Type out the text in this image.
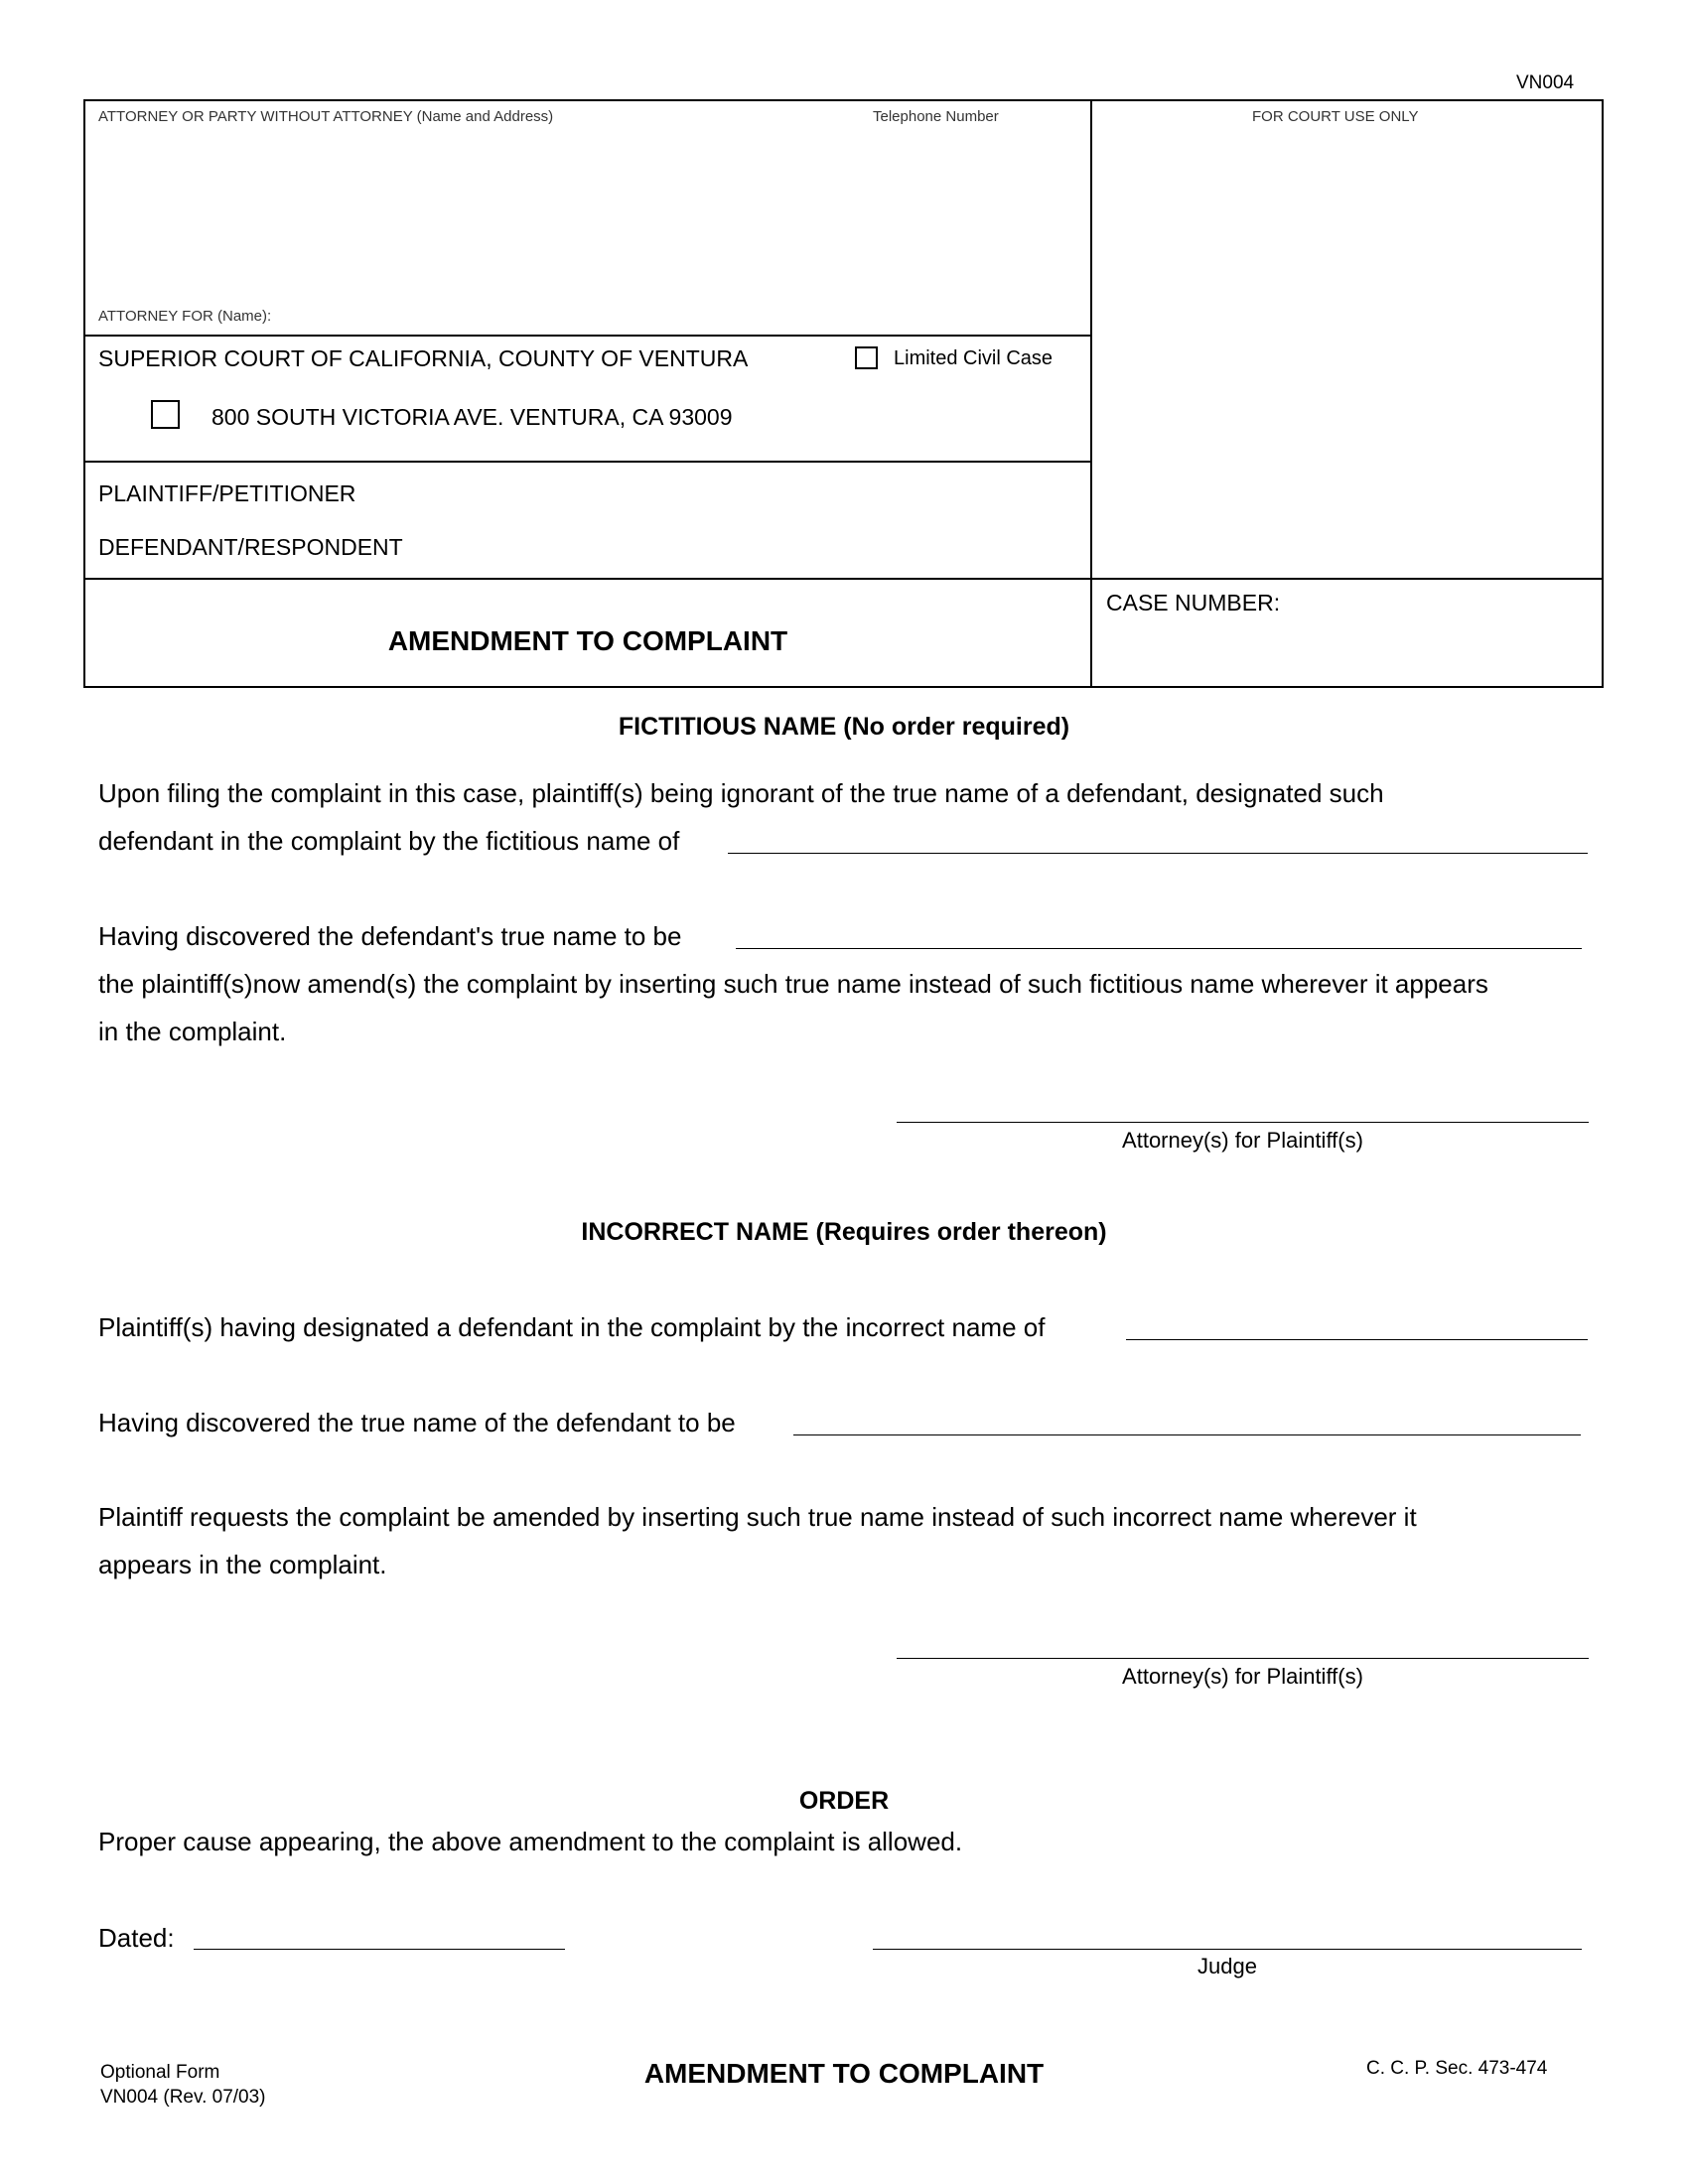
VN004
ATTORNEY OR PARTY WITHOUT ATTORNEY (Name and Address)	Telephone Number	FOR COURT USE ONLY
ATTORNEY FOR (Name):
SUPERIOR COURT OF CALIFORNIA, COUNTY OF VENTURA	Limited Civil Case
800 SOUTH VICTORIA AVE. VENTURA, CA 93009
PLAINTIFF/PETITIONER
DEFENDANT/RESPONDENT
AMENDMENT TO COMPLAINT
CASE NUMBER:
FICTITIOUS NAME (No order required)
Upon filing the complaint in this case, plaintiff(s) being ignorant of the true name of a defendant, designated such
defendant in the complaint by the fictitious name of
Having discovered the defendant's true name to be
the plaintiff(s)now amend(s) the complaint by inserting such true name instead of such fictitious name wherever it appears
in the complaint.
Attorney(s) for Plaintiff(s)
INCORRECT NAME (Requires order thereon)
Plaintiff(s) having designated a defendant in the complaint by the incorrect name of
Having discovered the true name of the defendant to be
Plaintiff requests the complaint be amended by inserting such true name instead of such incorrect name wherever it
appears in the complaint.
Attorney(s) for Plaintiff(s)
ORDER
Proper cause appearing, the above amendment to the complaint is allowed.
Dated:
Judge
Optional Form
VN004 (Rev. 07/03)
AMENDMENT TO COMPLAINT	C. C. P. Sec. 473-474
